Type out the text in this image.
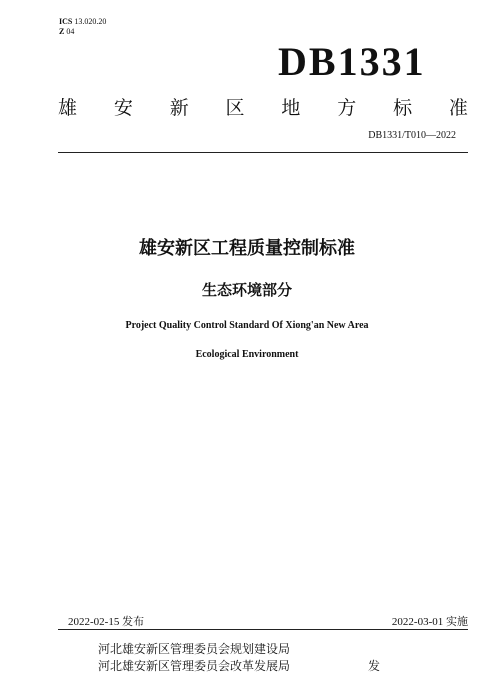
ICS 13.020.20
Z 04
DB1331
雄 安 新 区 地 方 标 准
DB1331/T010—2022
雄安新区工程质量控制标准
生态环境部分
Project Quality Control Standard Of Xiong'an New Area
Ecological Environment
2022-02-15 发布	2022-03-01 实施
河北雄安新区管理委员会规划建设局
河北雄安新区管理委员会改革发展局	发
